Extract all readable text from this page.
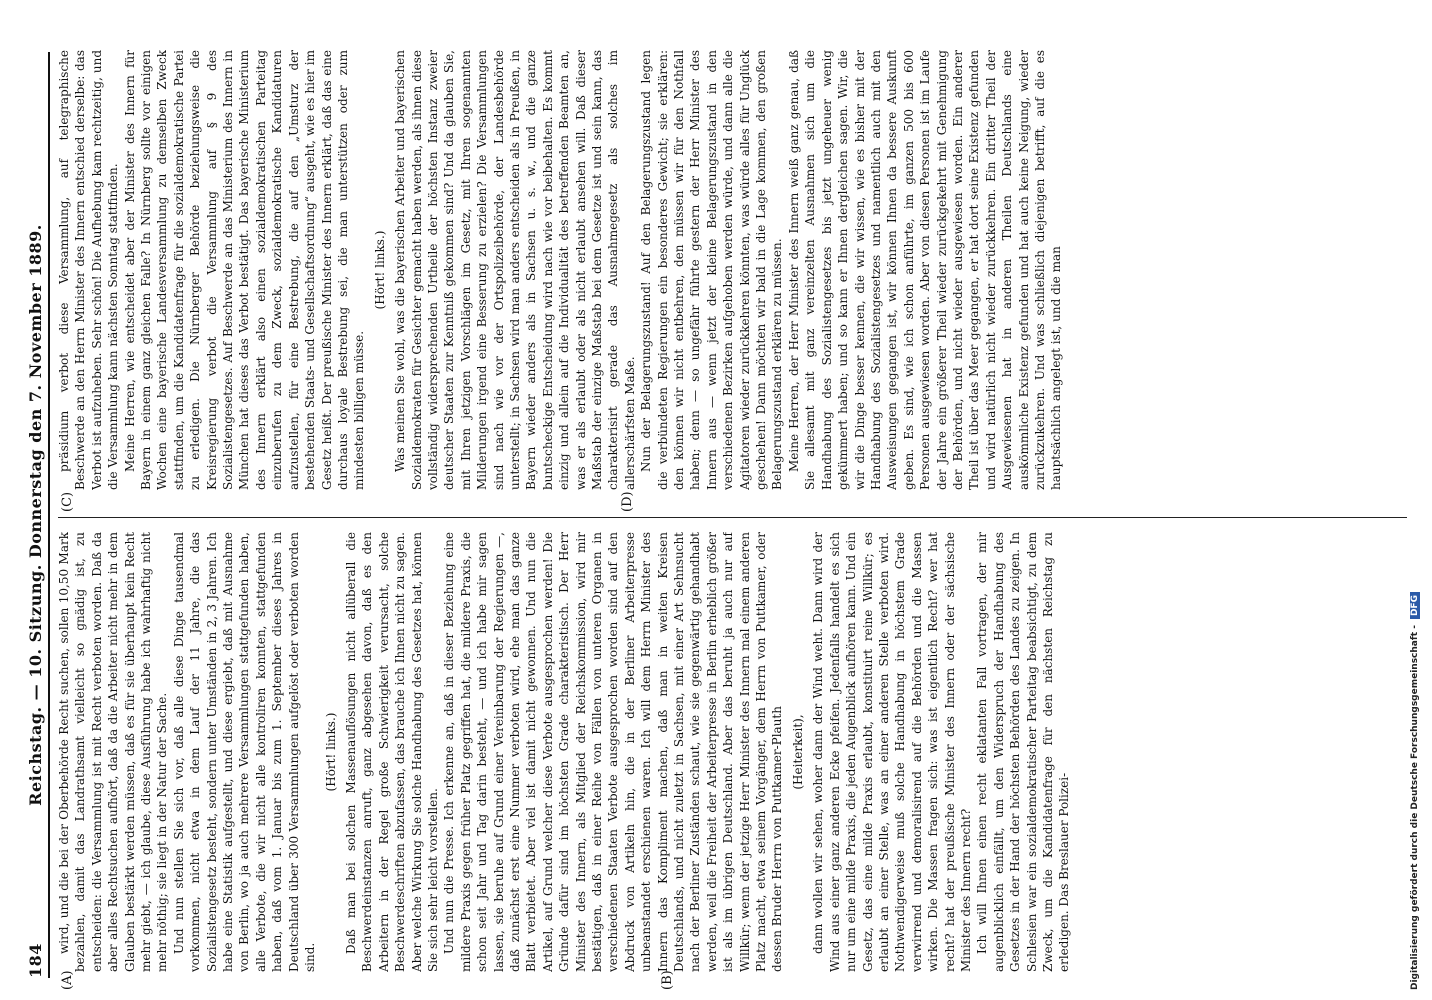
184
Reichstag. — 10. Sitzung. Donnerstag den 7. November 1889.
(A)	(B)
(C)	(D)

wird, und die bei der Oberbehörde Recht suchen, sollen 10,50 Mark bezahlen, damit das Landrathsamt vielleicht so gnädig ist, zu entscheiden: die Versammlung ist mit Recht verboten worden. Daß da aber alles Rechtsuchen aufhört, daß da die Arbeiter nicht mehr in dem Glauben bestärkt werden müssen, daß es für sie überhaupt kein Recht mehr giebt, — ich glaube, diese Ausführung habe ich wahrhaftig nicht mehr nöthig; sie liegt in der Natur der Sache. Und nun stellen Sie sich vor, daß alle diese Dinge tausendmal vorkommen, nicht etwa in dem Lauf der 11 Jahre, die das Sozialistengesetz besteht, sondern unter Umständen in 2, 3 Jahren. Ich habe eine Statistik aufgestellt, und diese ergiebt, daß mit Ausnahme von Berlin, wo ja auch mehrere Versammlungen stattgefunden haben, alle Verbote, die wir nicht alle kontroliren konnten, stattgefunden haben, daß vom 1. Januar bis zum 1. September dieses Jahres in Deutschland über 300 Versammlungen aufgelöst oder verboten worden sind.

(Hört! links.) Daß man bei solchen Massenauflösungen nicht allüberall die Beschwerdeinstanzen anruft, ganz abgesehen davon, daß es den Arbeitern in der Regel große Schwierigkeit verursacht, solche Beschwerdeschriften abzufassen, das brauche ich Ihnen nicht zu sagen. Aber welche Wirkung Sie solche Handhabung des Gesetzes hat, können Sie sich sehr leicht vorstellen. Und nun die Presse. Ich erkenne an, daß in dieser Beziehung eine mildere Praxis gegen früher Platz gegriffen hat, die mildere Praxis, die schon seit Jahr und Tag darin besteht, — und ich habe mir sagen lassen, sie beruhe auf Grund einer Vereinbarung der Regierungen —, daß zunächst erst eine Nummer verboten wird, ehe man das ganze Blatt verbietet. Aber viel ist damit nicht gewonnen. Und nun die Artikel, auf Grund welcher diese Verbote ausgesprochen werden! Die Gründe dafür sind im höchsten Grade charakteristisch. Der Herr Minister des Innern, als Mitglied der Reichskommission, wird mir bestätigen, daß in einer Reihe von Fällen von unteren Organen in verschiedenen Staaten Verbote ausgesprochen worden sind auf den Abdruck von Artikeln hin, die in der Berliner Arbeiterpresse unbeanstandet erschienen waren. Ich will dem Herrn Minister des Innern das Kompliment machen, daß man in weiten Kreisen Deutschlands, und nicht zuletzt in Sachsen, mit einer Art Sehnsucht nach der Berliner Zuständen schaut, wie sie gegenwärtig gehandhabt werden, weil die Freiheit der Arbeiterpresse in Berlin erheblich größer ist als im übrigen Deutschland. Aber das beruht ja auch nur auf Willkür; wenn der jetzige Herr Minister des Innern mal einem anderen Platz macht, etwa seinem Vorgänger, dem Herrn von Puttkamer, oder dessen Bruder Herrn von Puttkamer-Plauth (Heiterkeit), dann wollen wir sehen, woher dann der Wind weht. Dann wird der Wind aus einer ganz anderen Ecke pfeifen. Jedenfalls handelt es sich nur um eine milde Praxis, die jeden Augenblick aufhören kann. Und ein Gesetz, das eine milde Praxis erlaubt, konstituirt reine Willkür; es erlaubt an einer Stelle, was an einer anderen Stelle verboten wird. Nothwendigerweise muß solche Handhabung in höchstem Grade verwirrend und demoralisirend auf die Behörden und die Massen wirken. Die Massen fragen sich: was ist eigentlich Recht? wer hat recht? hat der preußische Minister des Innern oder der sächsische Minister des Innern recht? Ich will Ihnen einen recht eklatanten Fall vortragen, der mir augenblicklich einfällt, um den Widerspruch der Handhabung des Gesetzes in der Hand der höchsten Behörden des Landes zu zeigen. In Schlesien war ein sozialdemokratischer Parteitag beabsichtigt, zu dem Zweck, um die Kandidatenfrage für den nächsten Reichstag zu erledigen. Das Breslauer Polizei-

präsidium verbot diese Versammlung, auf telegraphische Beschwerde an den Herrn Minister des Innern entschied derselbe: das Verbot ist aufzuheben. Sehr schön! Die Aufhebung kam rechtzeitig, und die Versammlung kann nächsten Sonntag stattfinden. Meine Herren, wie entscheidet aber der Minister des Innern für Bayern in einem ganz gleichen Falle? In Nürnberg sollte vor einigen Wochen eine bayerische Landesversammlung zu demselben Zweck stattfinden, um die Kandidatenfrage für die sozialdemokratische Partei zu erledigen. Die Nürnberger Behörde beziehungsweise die Kreisregierung verbot die Versammlung auf § 9 des Sozialistengesetzes. Auf Beschwerde an das Ministerium des Innern in München hat dieses das Verbot bestätigt. Das bayerische Ministerium des Innern erklärt also einen sozialdemokratischen Parteitag einzuberufen zu dem Zweck, sozialdemokratische Kandidaturen aufzustellen, für eine Bestrebung, die auf den „Umsturz der bestehenden Staats- und Gesellschaftsordnung“ ausgeht, wie es hier im Gesetz heißt. Der preußische Minister des Innern erklärt, daß das eine durchaus loyale Bestrebung sei, die man unterstützen oder zum mindesten billigen müsse.

(Hört! links.) Was meinen Sie wohl, was die bayerischen Arbeiter und bayerischen Sozialdemokraten für Gesichter gemacht haben werden, als ihnen diese vollständig widersprechenden Urtheile der höchsten Instanz zweier deutscher Staaten zur Kenntniß gekommen sind? Und da glauben Sie, mit Ihren jetzigen Vorschlägen im Gesetz, mit Ihren sogenannten Milderungen irgend eine Besserung zu erzielen? Die Versammlungen sind nach wie vor der Ortspolizeibehörde, der Landesbehörde unterstellt; in Sachsen wird man anders entscheiden als in Preußen, in Bayern wieder anders als in Sachsen u. s. w., und die ganze buntscheckige Entscheidung wird nach wie vor beibehalten. Es kommt einzig und allein auf die Individualität des betreffenden Beamten an, was er als erlaubt oder als nicht erlaubt ansehen will. Daß dieser Maßstab der einzige Maßstab bei dem Gesetze ist und sein kann, das charakterisirt gerade das Ausnahmegesetz als solches im allerschärfsten Maße. Nun der Belagerungszustand! Auf den Belagerungszustand legen die verbündeten Regierungen ein besonderes Gewicht; sie erklären: den können wir nicht entbehren, den müssen wir für den Nothfall haben; denn — so ungefähr führte gestern der Herr Minister des Innern aus — wenn jetzt der kleine Belagerungszustand in den verschiedenen Bezirken aufgehoben werden würde, und dann alle die Agitatoren wieder zurückkehren könnten, was würde alles für Unglück geschehen! Dann möchten wir bald in die Lage kommen, den großen Belagerungszustand erklären zu müssen. Meine Herren, der Herr Minister des Innern weiß ganz genau, daß Sie allesamt mit ganz vereinzelten Ausnahmen sich um die Handhabung des Sozialistengesetzes bis jetzt ungeheuer wenig gekümmert haben; und so kann er Ihnen dergleichen sagen. Wir, die wir die Dinge besser kennen, die wir wissen, wie es bisher mit der Handhabung des Sozialistengesetzes und namentlich auch mit den Ausweisungen gegangen ist, wir können Ihnen da bessere Auskunft geben. Es sind, wie ich schon anführte, im ganzen 500 bis 600 Personen ausgewiesen worden. Aber von diesen Personen ist im Laufe der Jahre ein größerer Theil wieder zurückgekehrt mit Genehmigung der Behörden, und nicht wieder ausgewiesen worden. Ein anderer Theil ist über das Meer gegangen, er hat dort seine Existenz gefunden und wird natürlich nicht wieder zurückkehren. Ein dritter Theil der Ausgewiesenen hat in anderen Theilen Deutschlands eine auskömmliche Existenz gefunden und hat auch keine Neigung, wieder zurückzukehren. Und was schließlich diejenigen betrifft, auf die es hauptsächlich angelegt ist, und die man

Digitalisierung gefördert durch die Deutsche Forschungsgemeinschaft -DFG
